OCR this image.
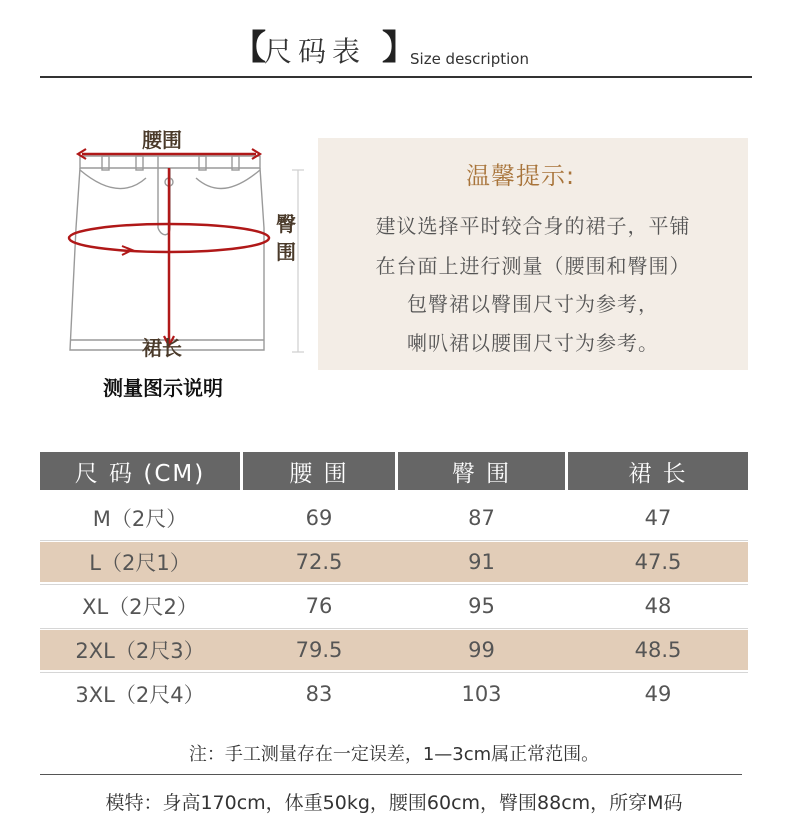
【
尺码表 】
Size description
腰围
臀
围
裙长
测量图示说明
温馨提示:
建议选择平时较合身的裙子，平铺
在台面上进行测量（腰围和臀围）
包臀裙以臀围尺寸为参考，
喇叭裙以腰围尺寸为参考。
尺 码 (CM)	腰 围	臀 围	裙 长
M（2尺）	69	87	47
L（2尺1）	72.5	91	47.5
XL（2尺2）	76	95	48
2XL（2尺3）	79.5	99	48.5
3XL（2尺4）	83	103	49
注：手工测量存在一定误差，1—3cm属正常范围。
模特：身高170cm，体重50kg，腰围60cm，臀围88cm，所穿M码
